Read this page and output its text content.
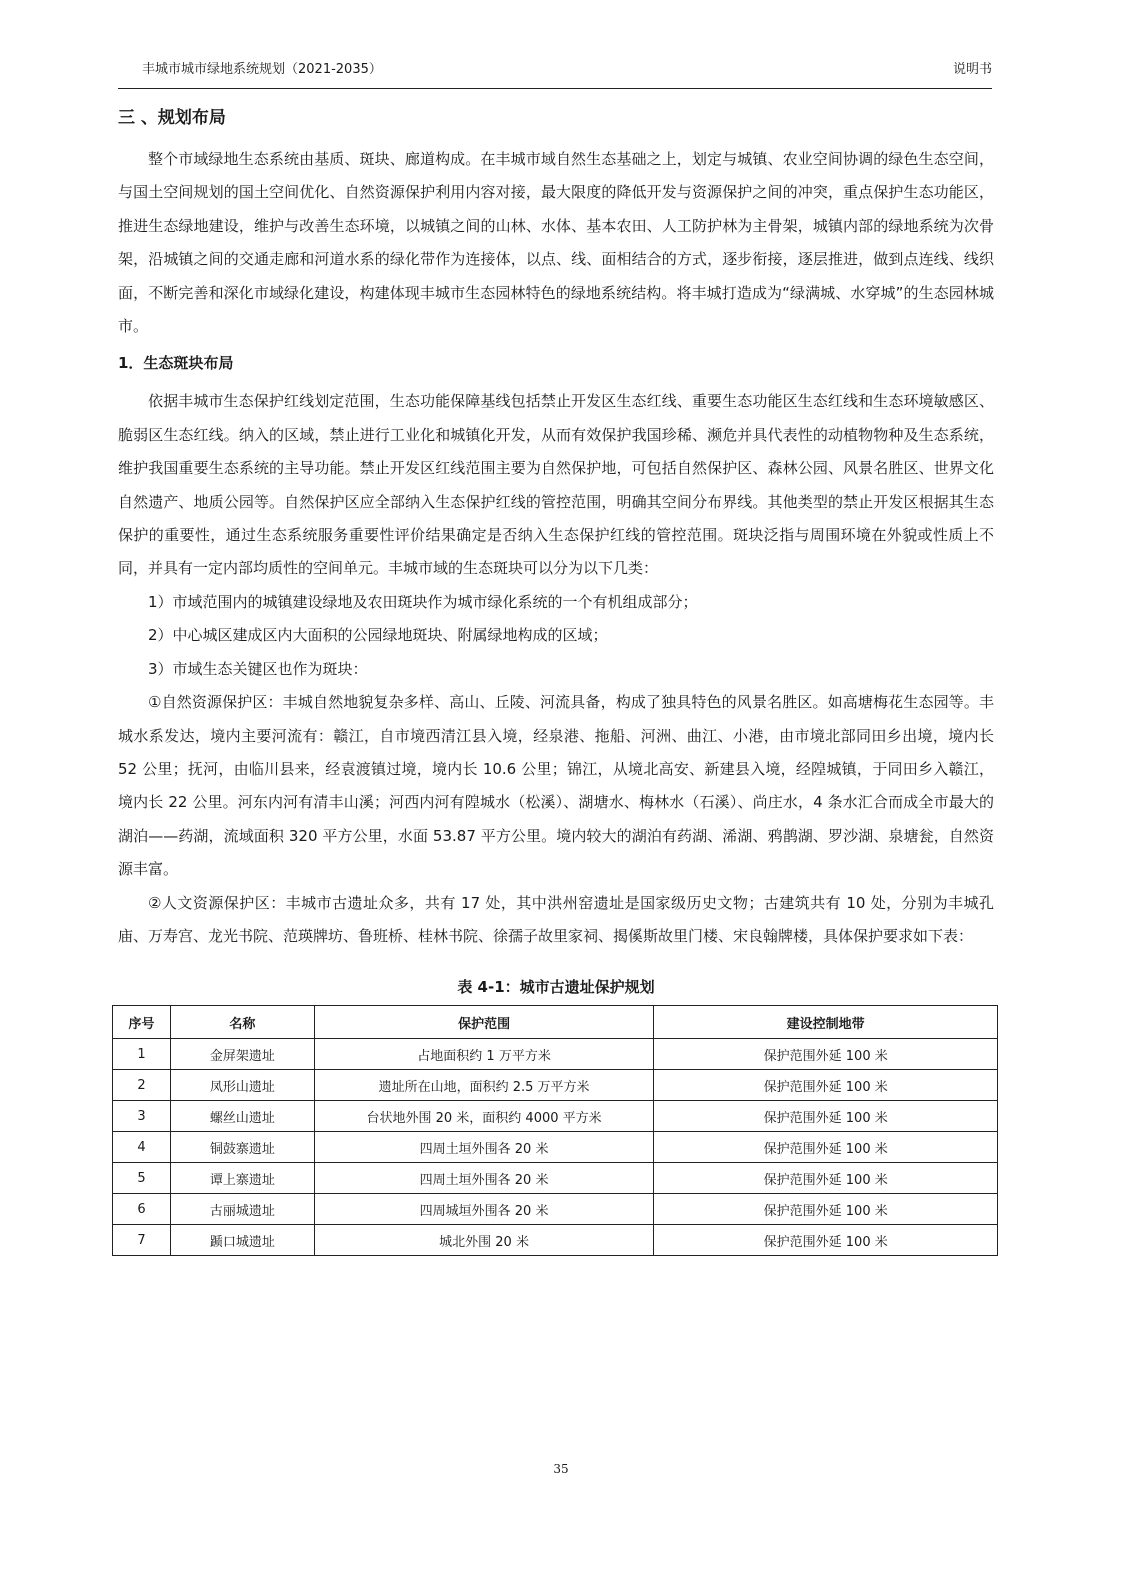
丰城市城市绿地系统规划（2021-2035）	说明书
三 、规划布局

整个市域绿地生态系统由基质、斑块、廊道构成。在丰城市域自然生态基础之上，划定与城镇、农业空间协调的绿色生态空间，与国土空间规划的国土空间优化、自然资源保护利用内容对接，最大限度的降低开发与资源保护之间的冲突，重点保护生态功能区，推进生态绿地建设，维护与改善生态环境，以城镇之间的山林、水体、基本农田、人工防护林为主骨架，城镇内部的绿地系统为次骨架，沿城镇之间的交通走廊和河道水系的绿化带作为连接体，以点、线、面相结合的方式，逐步衔接，逐层推进，做到点连线、线织面，不断完善和深化市域绿化建设，构建体现丰城市生态园林特色的绿地系统结构。将丰城打造成为“绿满城、水穿城”的生态园林城市。

1．生态斑块布局

依据丰城市生态保护红线划定范围，生态功能保障基线包括禁止开发区生态红线、重要生态功能区生态红线和生态环境敏感区、脆弱区生态红线。纳入的区域，禁止进行工业化和城镇化开发，从而有效保护我国珍稀、濒危并具代表性的动植物物种及生态系统，维护我国重要生态系统的主导功能。禁止开发区红线范围主要为自然保护地，可包括自然保护区、森林公园、风景名胜区、世界文化自然遗产、地质公园等。自然保护区应全部纳入生态保护红线的管控范围，明确其空间分布界线。其他类型的禁止开发区根据其生态保护的重要性，通过生态系统服务重要性评价结果确定是否纳入生态保护红线的管控范围。斑块泛指与周围环境在外貌或性质上不同，并具有一定内部均质性的空间单元。丰城市域的生态斑块可以分为以下几类：

1）市域范围内的城镇建设绿地及农田斑块作为城市绿化系统的一个有机组成部分；

2）中心城区建成区内大面积的公园绿地斑块、附属绿地构成的区域；

3）市域生态关键区也作为斑块：

①自然资源保护区：丰城自然地貌复杂多样、高山、丘陵、河流具备，构成了独具特色的风景名胜区。如高塘梅花生态园等。丰城水系发达，境内主要河流有：赣江，自市境西清江县入境，经泉港、拖船、河洲、曲江、小港，由市境北部同田乡出境，境内长 52 公里；抚河，由临川县来，经袁渡镇过境，境内长 10.6 公里；锦江，从境北高安、新建县入境，经隍城镇，于同田乡入赣江，境内长 22 公里。河东内河有清丰山溪；河西内河有隍城水（松溪）、湖塘水、梅林水（石溪）、尚庄水，4 条水汇合而成全市最大的湖泊——药湖，流域面积 320 平方公里，水面 53.87 平方公里。境内较大的湖泊有药湖、浠湖、鸦鹊湖、罗沙湖、泉塘瓮，自然资源丰富。

②人文资源保护区：丰城市古遗址众多，共有 17 处，其中洪州窑遗址是国家级历史文物；古建筑共有 10 处，分别为丰城孔庙、万寿宫、龙光书院、范瑛牌坊、鲁班桥、桂林书院、徐孺子故里家祠、揭傒斯故里门楼、宋良翰牌楼，具体保护要求如下表：

表 4-1：城市古遗址保护规划
序号	名称	保护范围	建设控制地带
1	金屏架遗址	占地面积约 1 万平方米	保护范围外延 100 米
2	凤形山遗址	遗址所在山地，面积约 2.5 万平方米	保护范围外延 100 米
3	螺丝山遗址	台状地外围 20 米，面积约 4000 平方米	保护范围外延 100 米
4	铜鼓寨遗址	四周土垣外围各 20 米	保护范围外延 100 米
5	谭上寨遗址	四周土垣外围各 20 米	保护范围外延 100 米
6	古丽城遗址	四周城垣外围各 20 米	保护范围外延 100 米
7	踬口城遗址	城北外围 20 米	保护范围外延 100 米
35
